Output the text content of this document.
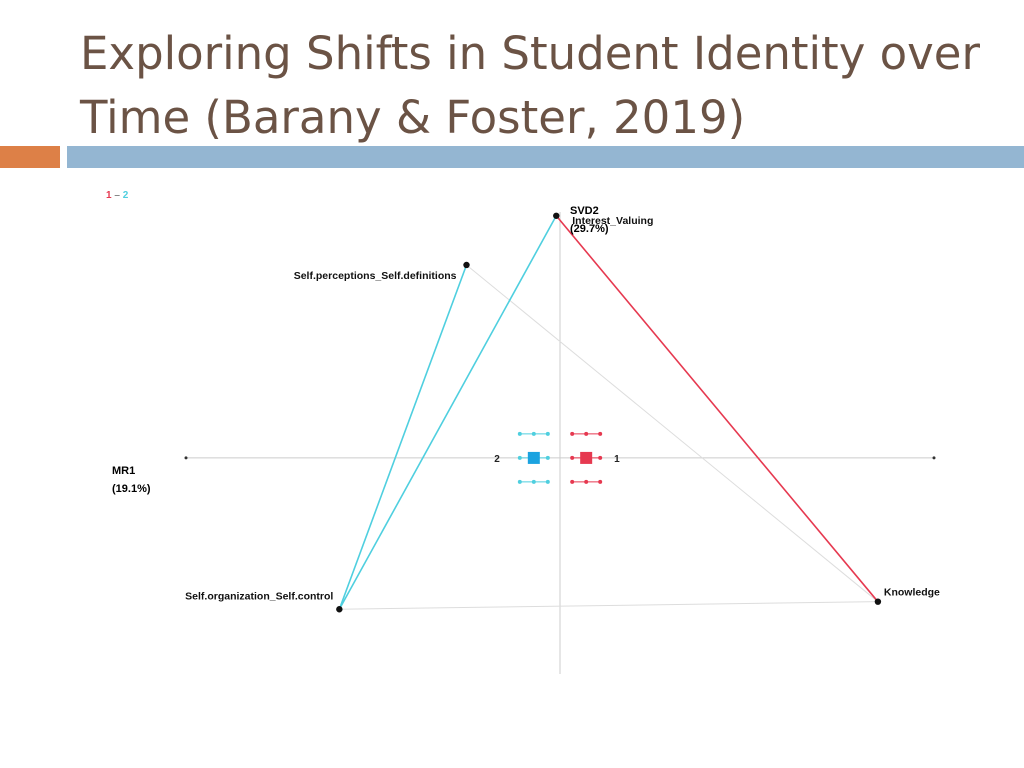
Exploring Shifts in Student Identity over Time (Barany & Foster, 2019)
1
2
1 – 2
SVD2
(29.7%)
MR1
(19.1%)
Interest_Valuing
Self.perceptions_Self.definitions
Self.organization_Self.control	Knowledge
